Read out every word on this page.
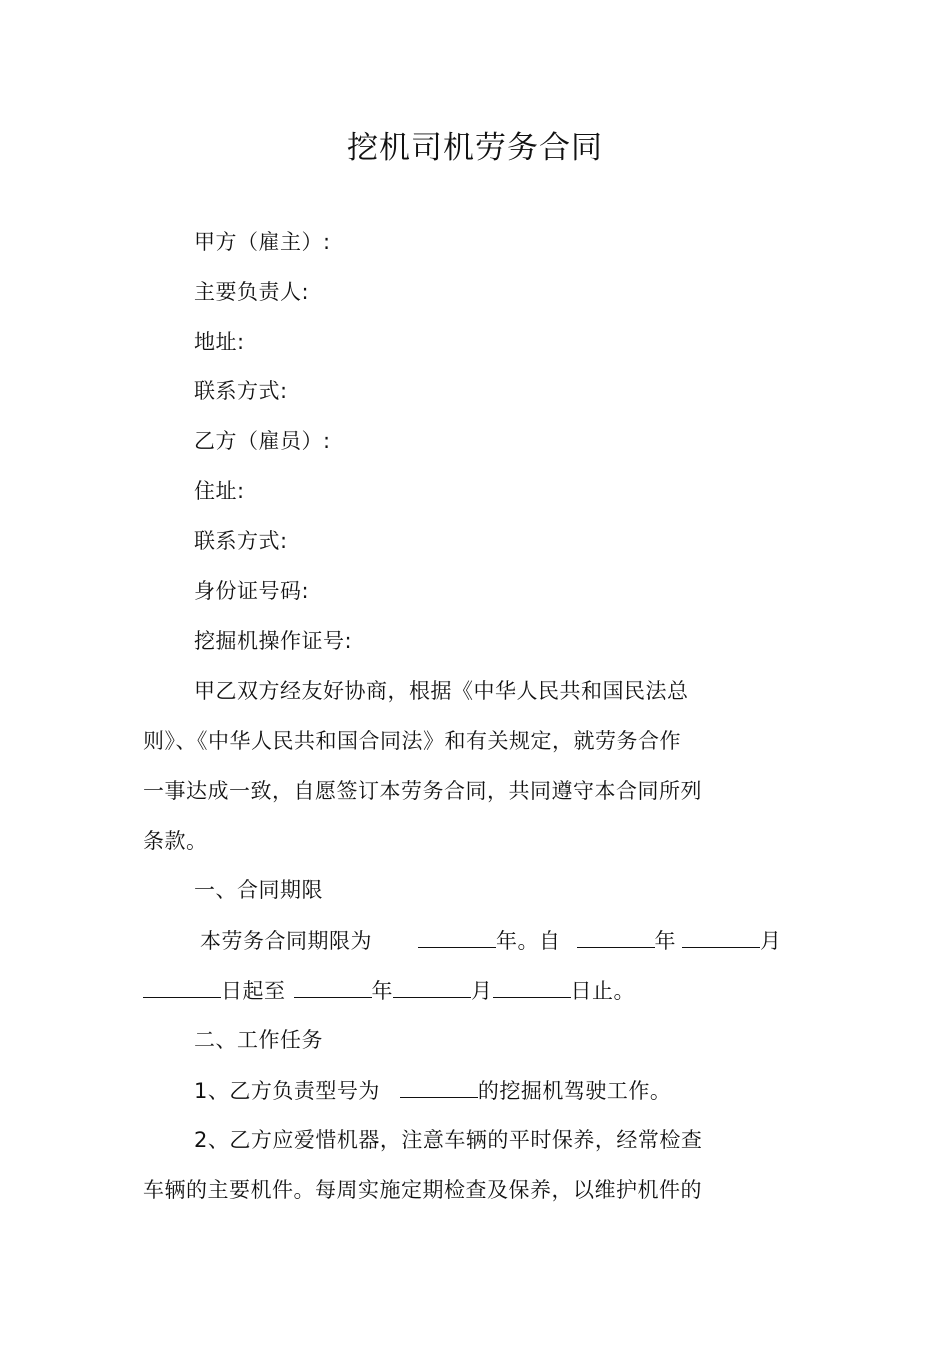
挖机司机劳务合同
甲方（雇主）:
主要负责人:
地址:
联系方式:
乙方（雇员）:
住址:
联系方式:
身份证号码:
挖掘机操作证号:
甲乙双方经友好协商，根据《中华人民共和国民法总
则》、《中华人民共和国合同法》和有关规定，就劳务合作
一事达成一致，自愿签订本劳务合同，共同遵守本合同所列
条款。
一、合同期限
本劳务合同期限为	年。自	年	月
日起至	年	月	日止。
二、工作任务
1、乙方负责型号为	的挖掘机驾驶工作。
2、乙方应爱惜机器，注意车辆的平时保养，经常检查
车辆的主要机件。每周实施定期检查及保养，以维护机件的
